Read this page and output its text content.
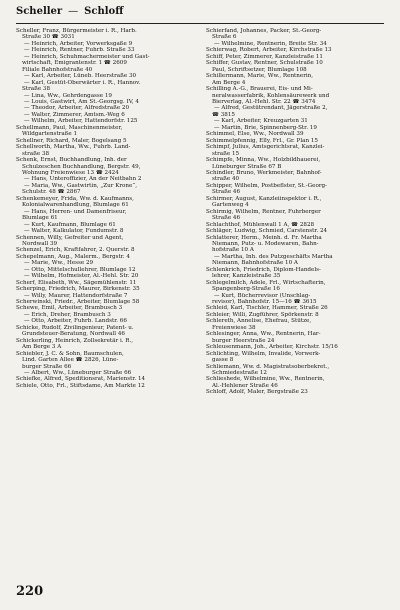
Scheller — Schloff
Scheller, Franz, Bürgermeister i. R., Harb.
Straße 30 ☎ 3031
— Heinrich, Arbeiter, Vorwerksgaße 9
— Heinrich, Rentner, Fuhrb. Straße 33
— Heinrich, Schuhmachermeister und Gast-
wirtschaft, Emigrantenstr. 1 ☎ 2609
Filiale Bahnhofstraße 40
— Karl, Arbeiter, Lüneb. Heerstraße 30
— Karl, Gestüt-Oberwärter i. R., Hannov.
Straße 38
— Lina, Ww., Gehrdengasse 19
— Louis, Gastwirt, Am St.-Georgsg. IV, 4
— Theodor, Arbeiter, Alfredstraße 20
— Walter, Zimmerer, Amtsm.-Weg 6
— Wilhelm, Arbeiter, Hattendorfstr. 125
Schellmann, Paul, Maschinenmeister,
Wildgartenstraße 1
Schellner, Richard, Maler, Bogelsang 5
Schellworth, Martha, Ww., Fuhrb. Land-
straße 38
Schenk, Ernst, Buchhandlung, Inh. der
Schulzeschen Buchhandlung, Bergstr. 49,
Wohnung Freienwiese 13 ☎ 2424
— Hans, Unteroffizier, An der Neitbahn 2
— Maria, Ww., Gastwirtin, „Zur Krone“,
Schulstr. 48 ☎ 2867
Schenkemeyer, Frida, Ww. d. Kaufmanns,
Kolonialwarenhandlung, Blumlage 61
— Hans, Herren- und Damenfriseur,
Blumlage 61
— Kurt, Kaufmann, Blumlage 61
— Walter, Kalkulator, Fundumstr. 8
Schennen, Willy, Gefreiter und Agent,
Nordwall 39
Schenzel, Erich, Kraftfahrer, 2. Querstr. 8
Schepelmann, Aug., Malerm., Bergstr. 4
— Marie, Ww., Hesse 29
— Otto, Mittelschullehrer, Blumlage 12
— Wilhelm, Hofmeister, Al.-Hehl. Str. 20
Scherf, Elisabeth, Ww., Sägemühlenstr. 11
Scherping, Friedrich, Maurer, Birkenstr. 35
— Willy, Maurer, Hattendorfstraße 7
Scherwinski, Friedr., Arbeiter, Blumlage 58
Schewe, Emil, Arbeiter, Brambusch 3
— Erich, Dreher, Brambusch 3
— Otto, Arbeiter, Fuhrb. Landstr. 66
Schicke, Rudolf, Zivilingenieur, Patent- u.
Grundsteuer-Beratung, Nordwall 46
Schickerling, Heinrich, Zollsekretär i. R.,
Am Berge 3 A
Schiebler, J. C. & Sohn, Baumschulen,
Lind. Garten Allee ☎ 2826, Lüne-
burger Straße 66
— Albert, Ww., Lüneburger Straße 66
Schiefke, Alfred, Speditionsrat, Marienstr. 14
Schiele, Otto, Frl., Stiftsdame, Am Markte 12
Schierfand, Johannes, Packer, St.-Georg-
Straße 6
— Wilhelmine, Rentnerin, Breite Str. 34
Schierwag, Robert, Arbeiter, Kirchstraße 13
Schiff, Peter, Zimmerer, Kanzleistraße 11
Schiffer, Gustav, Rentner, Schulstraße 10
Paul, Schriftsetzer, Blumlage 108
Schillermann, Marie, Ww., Rentnerin,
Am Berge 4
Schilling A.-G., Brauerei, Eis- und Mi-
neralwasserfabrik, Kohlensäurewerk und
Bierverlag, Al.-Hehl. Str. 22 ☎ 3474
— Alfred, Gestütrendant, Jägerstraße 2,
☎ 3815
— Karl, Arbeiter, Kreuzgarten 31
— Martin, Brie, Spinnenberg-Str. 19
Schimmel, Else, Ww., Nordwall 39
Schimmelpfennig, Elly, Frl., Gr. Plan 15
Schimpf, Julius, Amtsgerichtsrat, Kanzlei-
straße 15
Schimpfe, Minna, Ww., Holzbildhauerei,
Lüneburger Straße 67 B
Schindler, Bruno, Werkmeister, Bahnhof-
straße 40
Schipper, Wilhelm, Postbeflster, St.-Georg-
Straße 46
Schirmer, August, Kanzleiinspektor i. R.,
Gartenweg 4
Schirmig, Wilhelm, Rentner, Fuhrberger
Straße 46
Schlachthof, Mühlenwall 1 A, ☎ 2828
Schläger, Ludwig, Schmied, Carstenstr. 24
Schlatterer, Herm., Meinh. d. Fr. Martha
Niemann, Putz- u. Modewaren, Bahn-
hofstraße 10 A
— Martha, Inh. des Putzgeschäfts Martha
Niemann, Bahnhofstraße 10 A
Schlenkrich, Friedrich, Diplom-Handels-
lehrer, Kanzleistraße 35
Schlegelmilch, Adele, Frl., Wirtschafterin,
Spangenberg-Straße 16
— Kurt, Bücherrevisor (Unschlag-
revisor), Bahnhofstr. 15—16 ☎ 3615
Schleid, Karl, Tischler, Hammer, Straße 26
Schleier, Willi, Zugführer, Spörkenstr. 8
Schlereth, Annelise, Ehefrau, Stütze,
Freienwiese 38
Schlesinger, Anna, Ww., Rentnerin, Har-
burger Heerstraße 24
Schleusenmann, Joh., Arbeiter, Kirchstr. 15/16
Schlichting, Wilhelm, Invalide, Vorwerk-
gasse 8
Schliemann, Ww. d. Magistratsoberbekret.,
Schmiedestraße 12
Schlieshede, Wilhelmine, Ww., Rentnerin,
Al.-Hehlener Straße 46
Schloff, Adolf, Maler, Bergstraße 23
220
